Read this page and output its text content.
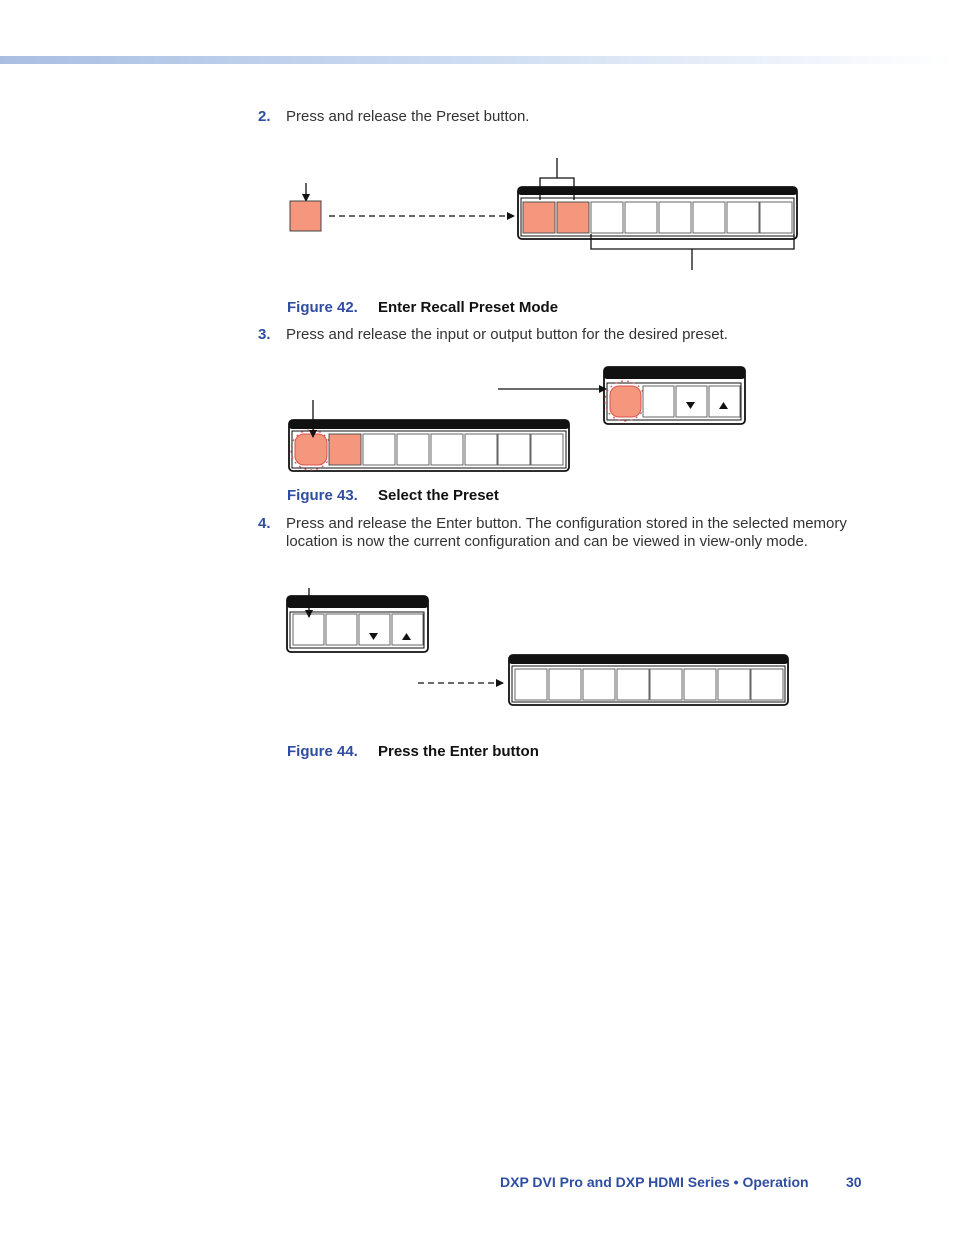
2. Press and release the Preset button.
Figure 42. Enter Recall Preset Mode
3. Press and release the input or output button for the desired preset.
Figure 43. Select the Preset
4. Press and release the Enter button. The configuration stored in the selected memory location is now the current configuration and can be viewed in view-only mode.
Figure 44. Press the Enter button
DXP DVI Pro and DXP HDMI Series • Operation	30
